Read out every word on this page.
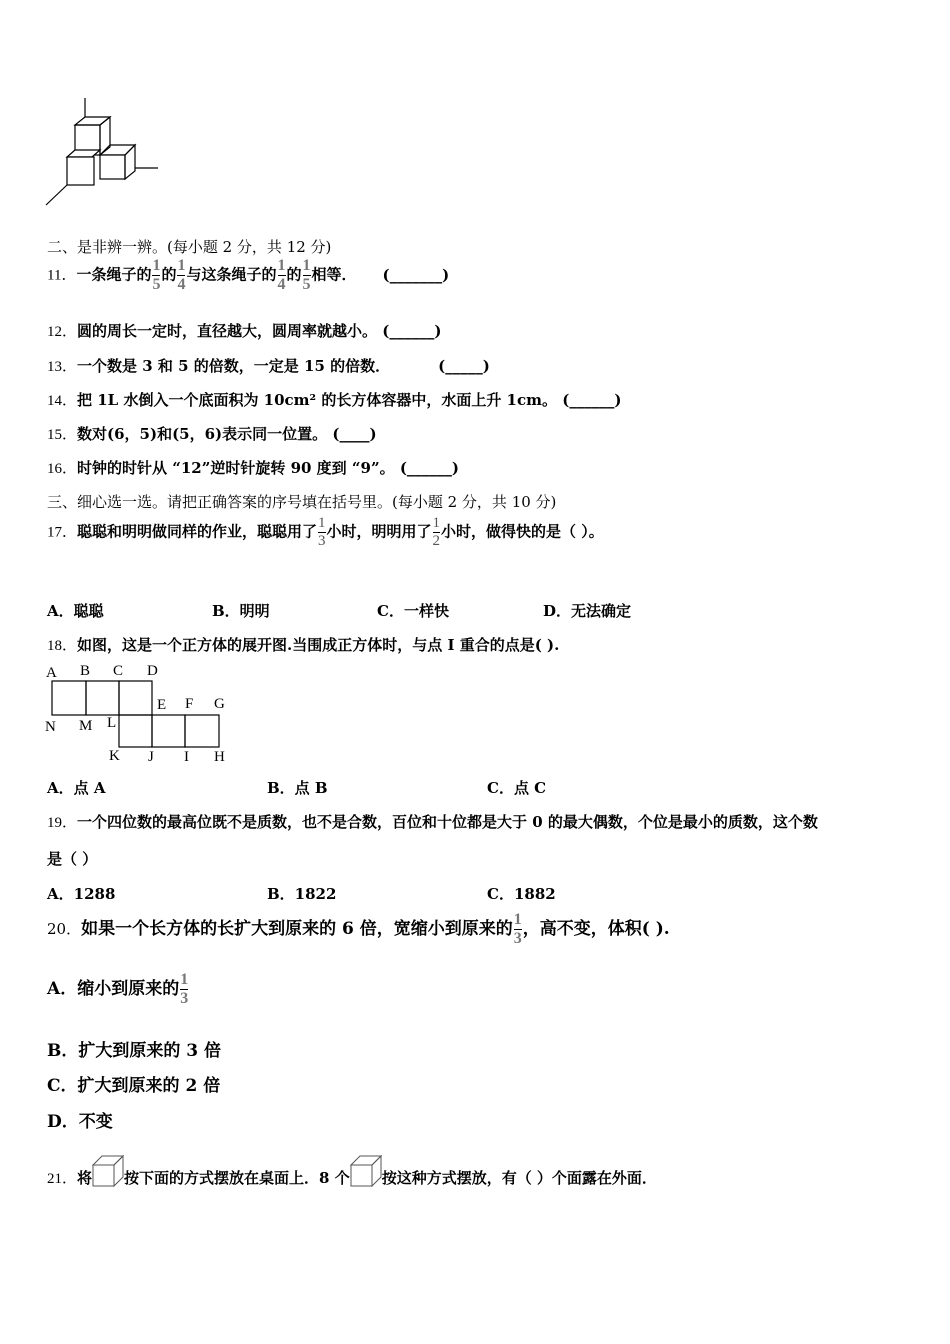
二、是非辨一辨。(每小题 2 分，共 12 分)
11．一条绳子的 $\frac{1}{5}$ 的 $\frac{1}{4}$ 与这条绳子的 $\frac{1}{4}$ 的 $\frac{1}{5}$ 相等． (_______)
12．圆的周长一定时，直径越大，圆周率就越小。 (______)
13．一个数是 3 和 5 的倍数，一定是 15 的倍数．	(_____)
14．把 1L 水倒入一个底面积为 10cm² 的长方体容器中，水面上升 1cm。 (______)
15．数对(6，5)和(5，6)表示同一位置。 (____)
16．时钟的时针从 “12”逆时针旋转 90 度到 “9”。 (______)
三、细心选一选。请把正确答案的序号填在括号里。(每小题 2 分，共 10 分)
17．聪聪和明明做同样的作业，聪聪用了 $\frac{1}{3}$ 小时，明明用了 $\frac{1}{2}$ 小时，做得快的是（ ）。
A．聪聪	B．明明	C．一样快	D．无法确定
18．如图，这是一个正方体的展开图.当围成正方体时，与点 I 重合的点是( ).
A B C D
E F G
N M L
K J I H
A．点 A	B．点 B	C．点 C
19．一个四位数的最高位既不是质数，也不是合数，百位和十位都是大于 0 的最大偶数，个位是最小的质数，这个数
是（ ）
A．1288	B．1822	C．1882
20．如果一个长方体的长扩大到原来的 6 倍，宽缩小到原来的 $\frac{1}{3}$ ，高不变，体积( ).
A．缩小到原来的 $\frac{1}{3}$
B．扩大到原来的 3 倍
C．扩大到原来的 2 倍
D．不变
21．将 按下面的方式摆放在桌面上．8 个 按这种方式摆放，有（ ）个面露在外面．
